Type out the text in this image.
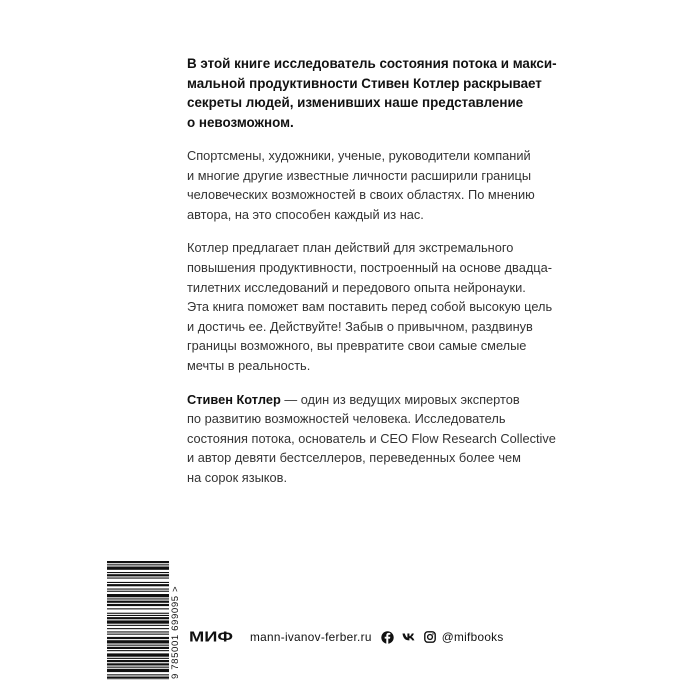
В этой книге исследователь состояния потока и макси-
мальной продуктивности Стивен Котлер раскрывает
секреты людей, изменивших наше представление
о невозможном.

Спортсмены, художники, ученые, руководители компаний
и многие другие известные личности расширили границы
человеческих возможностей в своих областях. По мнению
автора, на это способен каждый из нас.

Котлер предлагает план действий для экстремального
повышения продуктивности, построенный на основе двадца-
тилетних исследований и передового опыта нейронауки.
Эта книга поможет вам поставить перед собой высокую цель
и достичь ее. Действуйте! Забыв о привычном, раздвинув
границы возможного, вы превратите свои самые смелые
мечты в реальность.

Стивен Котлер — один из ведущих мировых экспертов
по развитию возможностей человека. Исследователь
состояния потока, основатель и CEO Flow Research Collective
и автор девяти бестселлеров, переведенных более чем
на сорок языков.

9 785001 699095 > МИФ mann-ivanov-ferber.ru	@mifbooks
